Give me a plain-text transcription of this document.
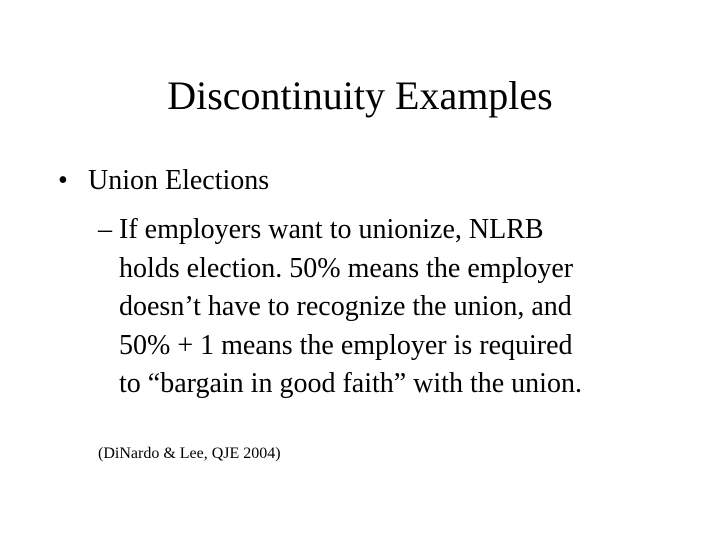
Discontinuity Examples
• Union Elections
– If employers want to unionize, NLRB
holds election. 50% means the employer
doesn’t have to recognize the union, and
50% + 1 means the employer is required
to “bargain in good faith” with the union.
(DiNardo & Lee, QJE 2004)
